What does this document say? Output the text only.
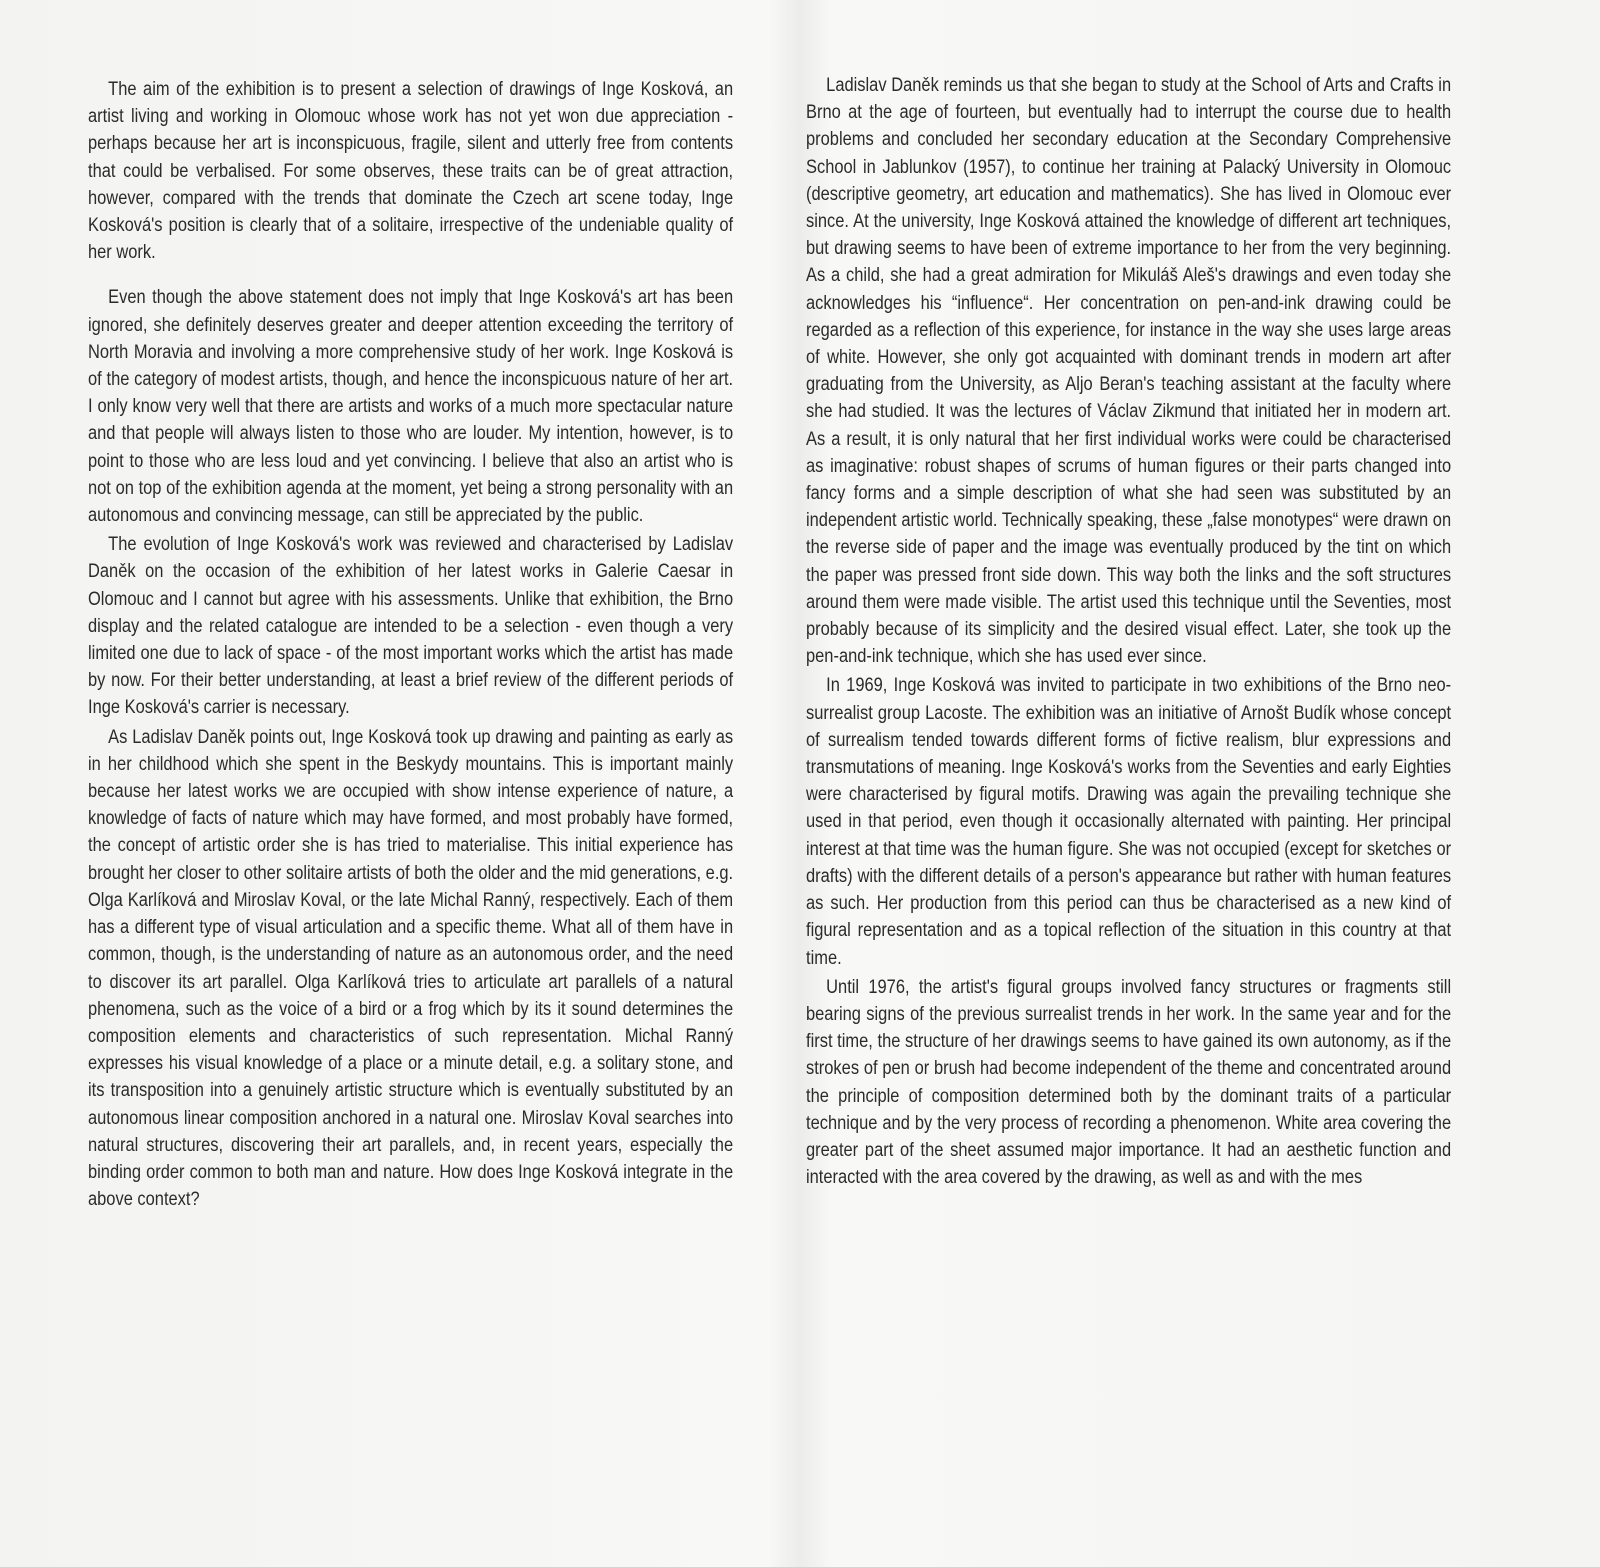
The aim of the exhibition is to present a selection of drawings of Inge Kosková, an artist living and working in Olomouc whose work has not yet won due appreciation - perhaps because her art is inconspicuous, fragile, silent and utterly free from contents that could be verbalised. For some observes, these traits can be of great attraction, however, compared with the trends that dominate the Czech art scene today, Inge Kosková's position is clearly that of a solitaire, irrespective of the undeniable quality of her work.

Even though the above statement does not imply that Inge Kosková's art has been ignored, she definitely deserves greater and deeper attention exceeding the territory of North Moravia and involving a more comprehensive study of her work. Inge Kosková is of the category of modest artists, though, and hence the inconspicuous nature of her art. I only know very well that there are artists and works of a much more spectacular nature and that people will always listen to those who are louder. My intention, however, is to point to those who are less loud and yet convincing. I believe that also an artist who is not on top of the exhibition agenda at the moment, yet being a strong personality with an autonomous and convincing message, can still be appreciated by the public.

The evolution of Inge Kosková's work was reviewed and characterised by Ladislav Daněk on the occasion of the exhibition of her latest works in Galerie Caesar in Olomouc and I cannot but agree with his assessments. Unlike that exhibition, the Brno display and the related catalogue are intended to be a selection - even though a very limited one due to lack of space - of the most important works which the artist has made by now. For their better understanding, at least a brief review of the different periods of Inge Kosková's carrier is necessary.

As Ladislav Daněk points out, Inge Kosková took up drawing and painting as early as in her childhood which she spent in the Beskydy mountains. This is important mainly because her latest works we are occupied with show intense experience of nature, a knowledge of facts of nature which may have formed, and most probably have formed, the concept of artistic order she is has tried to materialise. This initial experience has brought her closer to other solitaire artists of both the older and the mid generations, e.g. Olga Karlíková and Miroslav Koval, or the late Michal Ranný, respectively. Each of them has a different type of visual articulation and a specific theme. What all of them have in common, though, is the understanding of nature as an autonomous order, and the need to discover its art parallel. Olga Karlíková tries to articulate art parallels of a natural phenomena, such as the voice of a bird or a frog which by its it sound determines the composition elements and characteristics of such representation. Michal Ranný expresses his visual knowledge of a place or a minute detail, e.g. a solitary stone, and its transposition into a genuinely artistic structure which is eventually substituted by an autonomous linear composition anchored in a natural one. Miroslav Koval searches into natural structures, discovering their art parallels, and, in recent years, especially the binding order common to both man and nature. How does Inge Kosková integrate in the above context?

Ladislav Daněk reminds us that she began to study at the School of Arts and Crafts in Brno at the age of fourteen, but eventually had to interrupt the course due to health problems and concluded her secondary education at the Secondary Comprehensive School in Jablunkov (1957), to continue her training at Palacký University in Olomouc (descriptive geometry, art education and mathematics). She has lived in Olomouc ever since. At the university, Inge Kosková attained the knowledge of different art techniques, but drawing seems to have been of extreme importance to her from the very beginning. As a child, she had a great admiration for Mikuláš Aleš's drawings and even today she acknowledges his “influence“. Her concentration on pen-and-ink drawing could be regarded as a reflection of this experience, for instance in the way she uses large areas of white. However, she only got acquainted with dominant trends in modern art after graduating from the University, as Aljo Beran's teaching assistant at the faculty where she had studied. It was the lectures of Václav Zikmund that initiated her in modern art. As a result, it is only natural that her first individual works were could be characterised as imaginative: robust shapes of scrums of human figures or their parts changed into fancy forms and a simple description of what she had seen was substituted by an independent artistic world. Technically speaking, these „false monotypes“ were drawn on the reverse side of paper and the image was eventually produced by the tint on which the paper was pressed front side down. This way both the links and the soft structures around them were made visible. The artist used this technique until the Seventies, most probably because of its simplicity and the desired visual effect. Later, she took up the pen-and-ink technique, which she has used ever since.

In 1969, Inge Kosková was invited to participate in two exhibitions of the Brno neo-surrealist group Lacoste. The exhibition was an initiative of Arnošt Budík whose concept of surrealism tended towards different forms of fictive realism, blur expressions and transmutations of meaning. Inge Kosková's works from the Seventies and early Eighties were characterised by figural motifs. Drawing was again the prevailing technique she used in that period, even though it occasionally alternated with painting. Her principal interest at that time was the human figure. She was not occupied (except for sketches or drafts) with the different details of a person's appearance but rather with human features as such. Her production from this period can thus be characterised as a new kind of figural representation and as a topical reflection of the situation in this country at that time.

Until 1976, the artist's figural groups involved fancy structures or fragments still bearing signs of the previous surrealist trends in her work. In the same year and for the first time, the structure of her drawings seems to have gained its own autonomy, as if the strokes of pen or brush had become independent of the theme and concentrated around the principle of composition determined both by the dominant traits of a particular technique and by the very process of recording a phenomenon. White area covering the greater part of the sheet assumed major importance. It had an aesthetic function and interacted with the area covered by the drawing, as well as and with the mes
